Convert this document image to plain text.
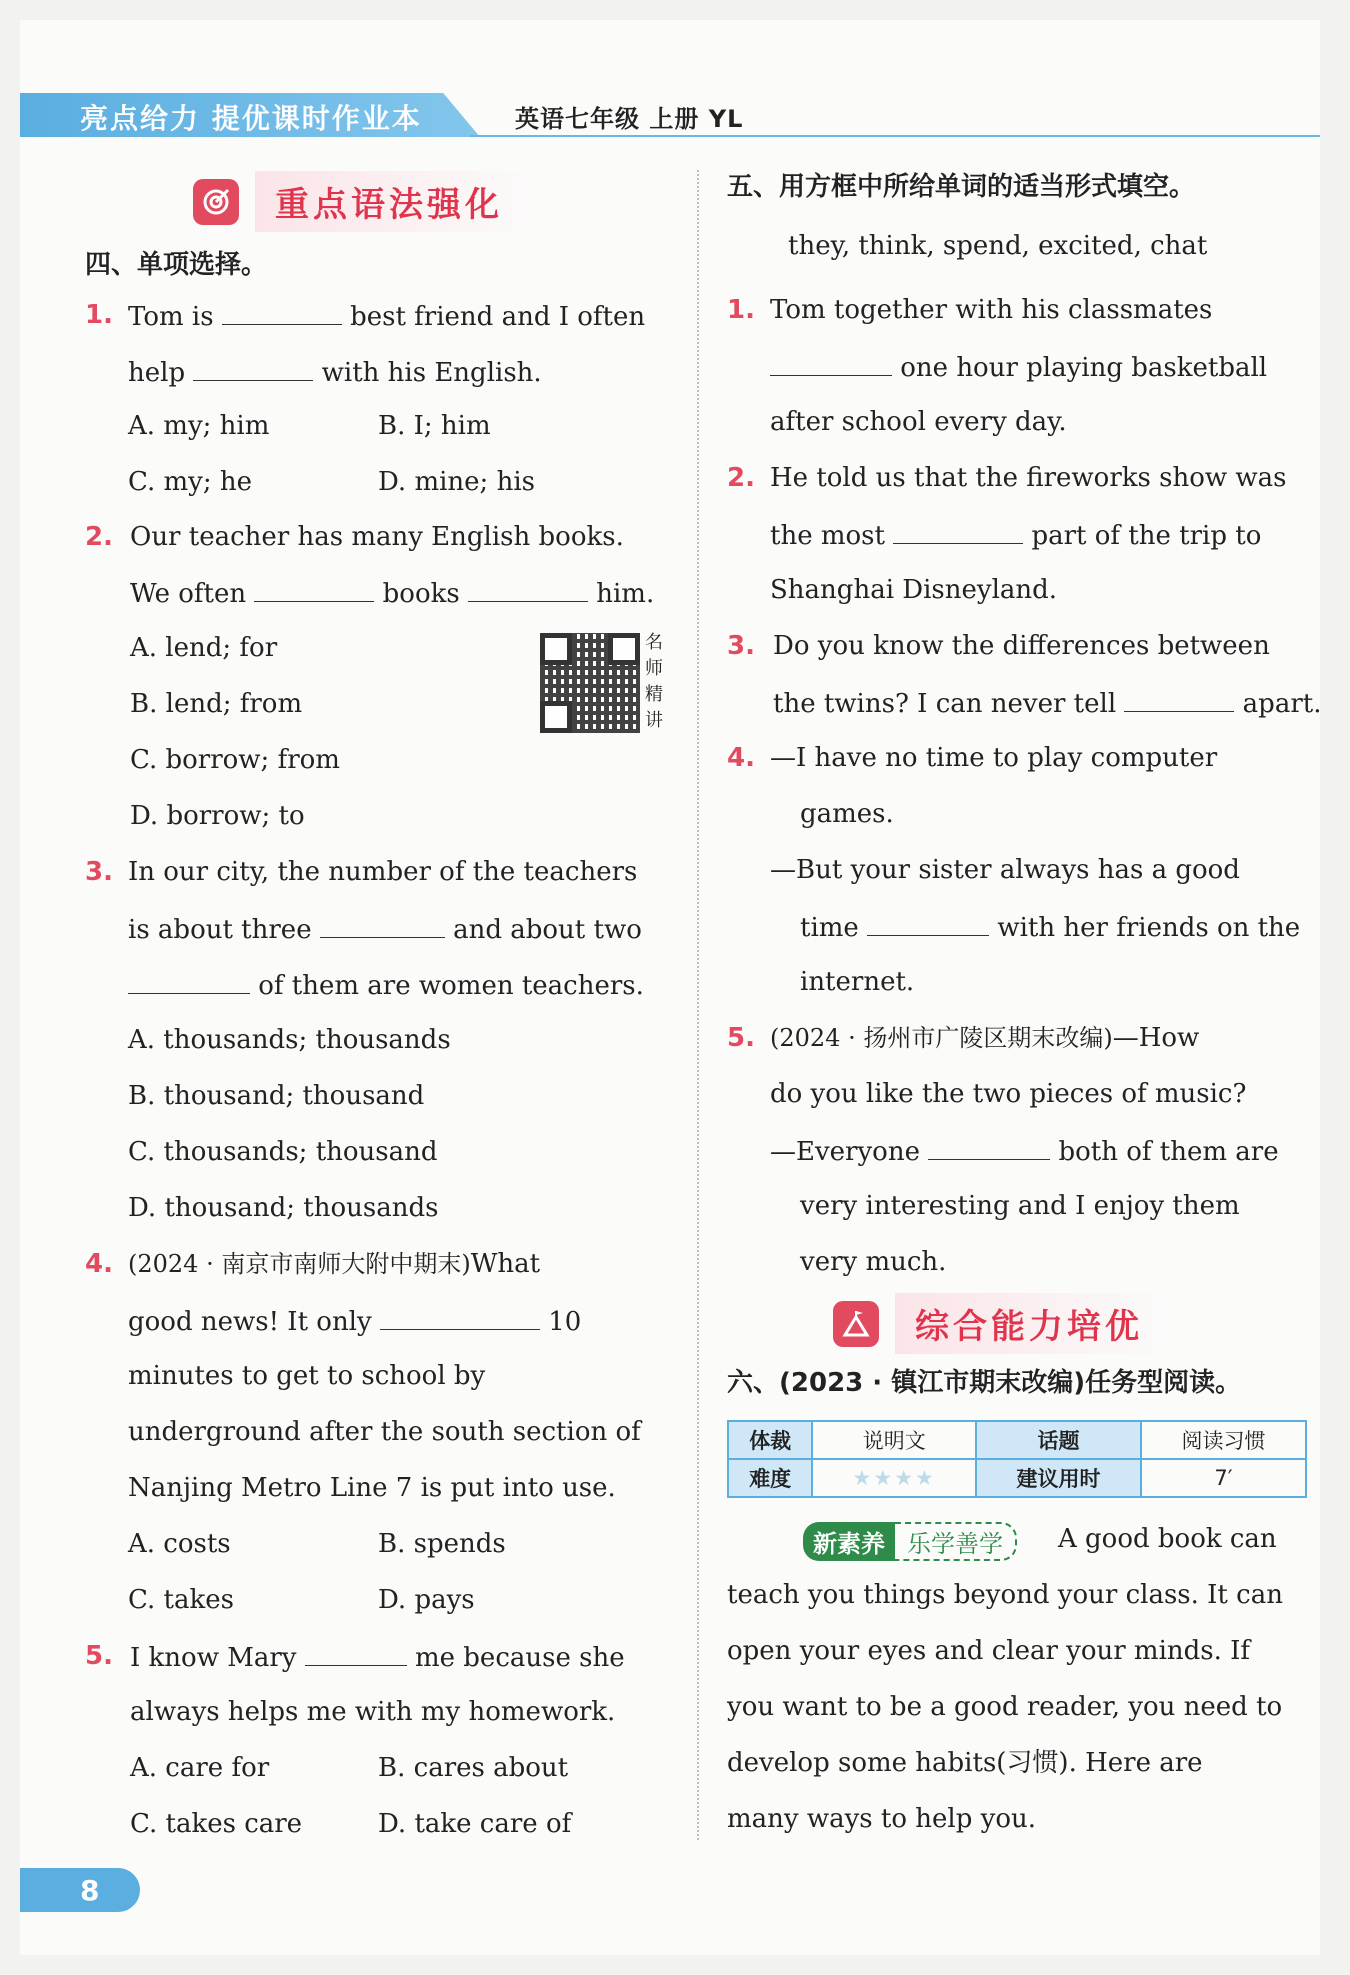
亮点给力 提优课时作业本	英语七年级 上册 YL
重点语法强化
四、单项选择。
1. Tom is	best friend and I often
help	with his English.
A. my; him	B. I; him
C. my; he	D. mine; his
2. Our teacher has many English books.
We often	books	him.
A. lend; for
B. lend; from
C. borrow; from
D. borrow; to
名师精讲
3. In our city, the number of the teachers
is about three	and about two
of them are women teachers.
A. thousands; thousands
B. thousand; thousand
C. thousands; thousand
D. thousand; thousands
4. (2024 · 南京市南师大附中期末)What
good news! It only	10
minutes to get to school by
underground after the south section of
Nanjing Metro Line 7 is put into use.
A. costs	B. spends
C. takes	D. pays
5. I know Mary	me because she
always helps me with my homework.
A. care for	B. cares about
C. takes care	D. take care of
五、用方框中所给单词的适当形式填空。
they, think, spend, excited, chat
1. Tom together with his classmates
one hour playing basketball
after school every day.
2. He told us that the fireworks show was
the most	part of the trip to
Shanghai Disneyland.
3. Do you know the differences between
the twins? I can never tell	apart.
4. —I have no time to play computer
games.
—But your sister always has a good
time	with her friends on the
internet.
5. (2024 · 扬州市广陵区期末改编)—How
do you like the two pieces of music?
—Everyone	both of them are
very interesting and I enjoy them
very much.
综合能力培优
六、(2023 · 镇江市期末改编)任务型阅读。
体裁	说明文	话题	阅读习惯
难度	★★★★	建议用时	7′
新素养 乐学善学	A good book can
teach you things beyond your class. It can
open your eyes and clear your minds. If
you want to be a good reader, you need to
develop some habits(习惯). Here are
many ways to help you.
8
